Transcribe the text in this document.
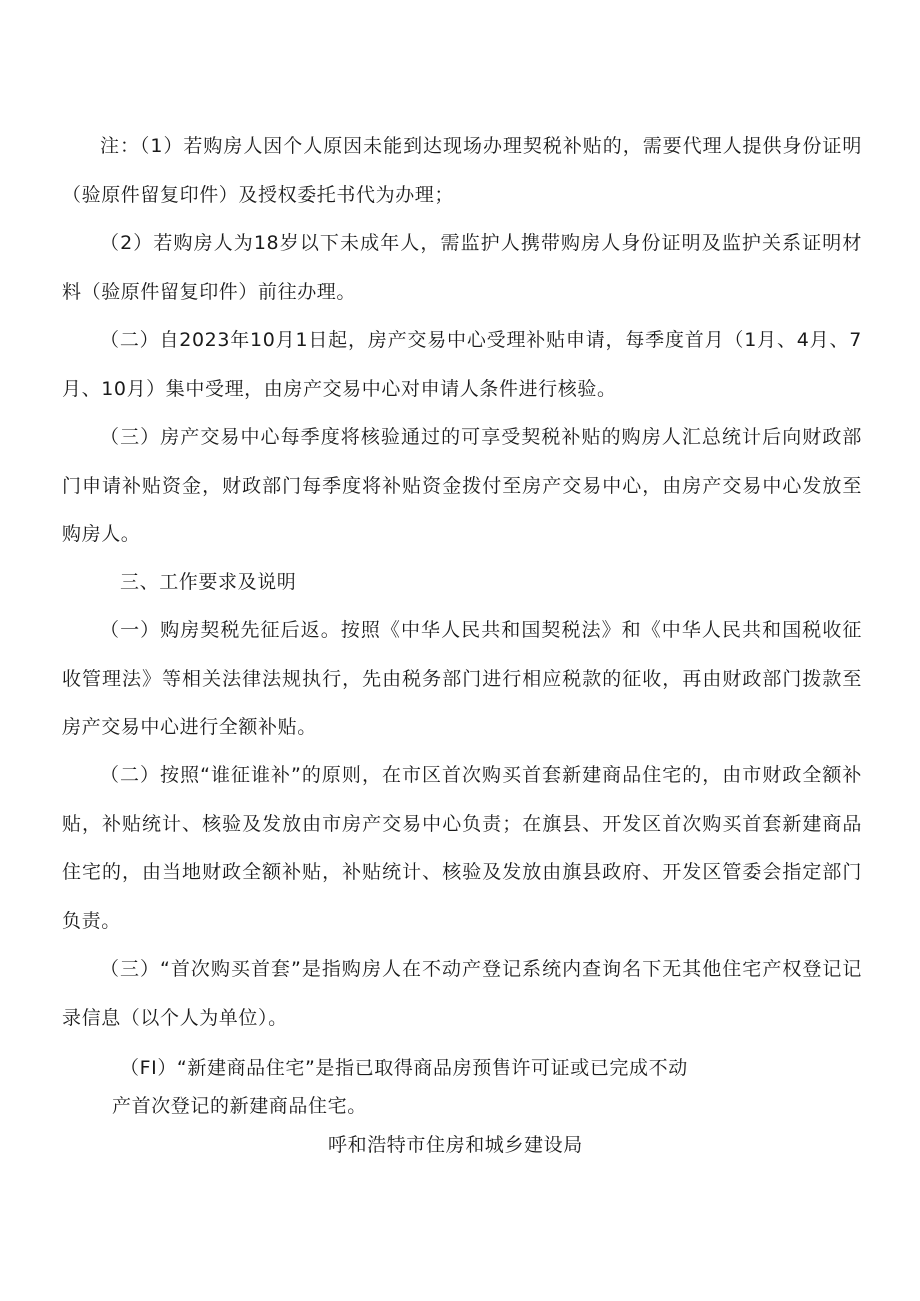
注：（1）若购房人因个人原因未能到达现场办理契税补贴的，需要代理人提供身份证明（验原件留复印件）及授权委托书代为办理；

（2）若购房人为18岁以下未成年人，需监护人携带购房人身份证明及监护关系证明材料（验原件留复印件）前往办理。

（二）自2023年10月1日起，房产交易中心受理补贴申请，每季度首月（1月、4月、7月、10月）集中受理，由房产交易中心对申请人条件进行核验。

（三）房产交易中心每季度将核验通过的可享受契税补贴的购房人汇总统计后向财政部门申请补贴资金，财政部门每季度将补贴资金拨付至房产交易中心，由房产交易中心发放至购房人。

三、工作要求及说明

（一）购房契税先征后返。按照《中华人民共和国契税法》和《中华人民共和国税收征收管理法》等相关法律法规执行，先由税务部门进行相应税款的征收，再由财政部门拨款至房产交易中心进行全额补贴。

（二）按照“谁征谁补”的原则，在市区首次购买首套新建商品住宅的，由市财政全额补贴，补贴统计、核验及发放由市房产交易中心负责；在旗县、开发区首次购买首套新建商品住宅的，由当地财政全额补贴，补贴统计、核验及发放由旗县政府、开发区管委会指定部门负责。

（三）“首次购买首套”是指购房人在不动产登记系统内查询名下无其他住宅产权登记记录信息（以个人为单位）。

（FI）“新建商品住宅”是指已取得商品房预售许可证或已完成不动
产首次登记的新建商品住宅。

呼和浩特市住房和城乡建设局
